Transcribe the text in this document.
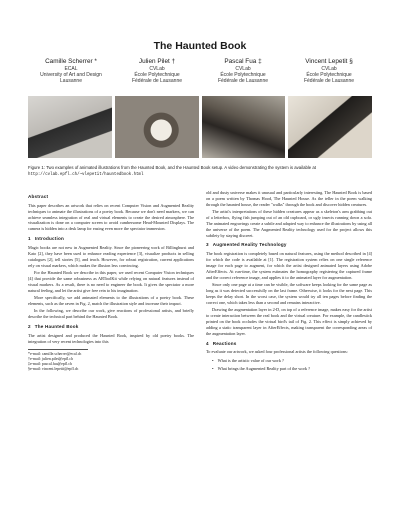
The Haunted Book
Camille Scherrer *
ECAL
University of Art and Design
Lausanne
Julien Pilet †
CVLab
École Polytechnique
Fédérale de Lausanne
Pascal Fua ‡
CVLab
École Polytechnique
Fédérale de Lausanne
Vincent Lepetit §
CVLab
École Polytechnique
Fédérale de Lausanne
Figure 1: Two examples of animated illustrations from the Haunted Book, and the Haunted Book setup. A video demonstrating the system is available at http://cvlab.epfl.ch/~vlepetit/hauntedbook.html
Abstract

This paper describes an artwork that relies on recent Computer Vision and Augmented Reality techniques to animate the illustrations of a poetry book. Because we don't need markers, we can achieve seamless integration of real and virtual elements to create the desired atmosphere. The visualization is done on a computer screen to avoid cumbersome Head-Mounted Displays. The camera is hidden into a desk lamp for easing even more the spectator immersion.

1 Introduction

Magic books are not new in Augmented Reality. Since the pioneering work of Billinghurst and Kato [2], they have been used to enhance reading experience [3], visualize products in selling catalogues [2], tell stories [5], and teach. However, for robust registration, current applications rely on visual markers, which makes the illusion less convincing.

For the Haunted Book we describe in this paper, we used recent Computer Vision techniques [4] that provide the same robustness as ARToolKit while relying on natural features instead of visual markers. As a result, there is no need to engineer the book. It gives the spectator a more natural feeling, and let the artist give free rein to his imagination.

More specifically, we add animated elements to the illustrations of a poetry book. These elements, such as the raven in Fig. 2, match the illustration style and increase their impact.

In the following, we describe our work, give reactions of professional artists, and briefly describe the technical part behind the Haunted Book.

2 The Haunted Book

The artist designed and produced the Haunted Book, inspired by old poetry books. The integration of very recent technologies into this

*e-mail: camille.scherrer@ecal.ch
†e-mail: julien.pilet@epfl.ch
‡e-mail: pascal.fua@epfl.ch
§e-mail: vincent.lepetit@epfl.ch

old and dusty universe makes it unusual and particularly interesting. The Haunted Book is based on a poem written by Thomas Hood, The Haunted House. As the teller in the poem walking through the haunted house, the reader "walks" through the book and discover hidden creatures.

The artist's interpretations of these hidden creatures appear as a skeleton's arm grabbing out of a letterbox, flying fish jumping out of an old cupboard, or ugly insects running down a sofa. The animated engravings create a subtle and adapted way to enhance the illustrations by using all the universe of the poem. The Augmented Reality technology used for the project allows this subtlety by staying discreet.

3 Augmented Reality Technology

The book registration is completely based on natural features, using the method described in [4] for which the code is available at [1]. The registration system relies on one single reference image for each page to augment, for which the artist designed animated layers using Adobe AfterEffects. At run-time, the system estimates the homography registering the captured frame and the correct reference image, and applies it to the animated layer for augmentation.

Since only one page at a time can be visible, the software keeps looking for the same page as long as it was detected successfully on the last frame. Otherwise, it looks for the next page. This keeps the delay short. In the worst case, the system would try all ten pages before finding the correct one, which takes less than a second and remains interactive.

Drawing the augmentation layer in 2-D, on top of a reference image, makes easy for the artist to create interaction between the real book and the virtual creature. For example, the candlestick printed on the book occludes the virtual bird's tail of Fig. 2. This effect is simply achieved by adding a static transparent layer in AfterEffects, making transparent the corresponding areas of the augmentation layer.

4 Reactions

To evaluate our artwork, we asked four professional artists the following questions:

• What is the artistic value of our work ?
• What brings the Augmented Reality part of the work ?
